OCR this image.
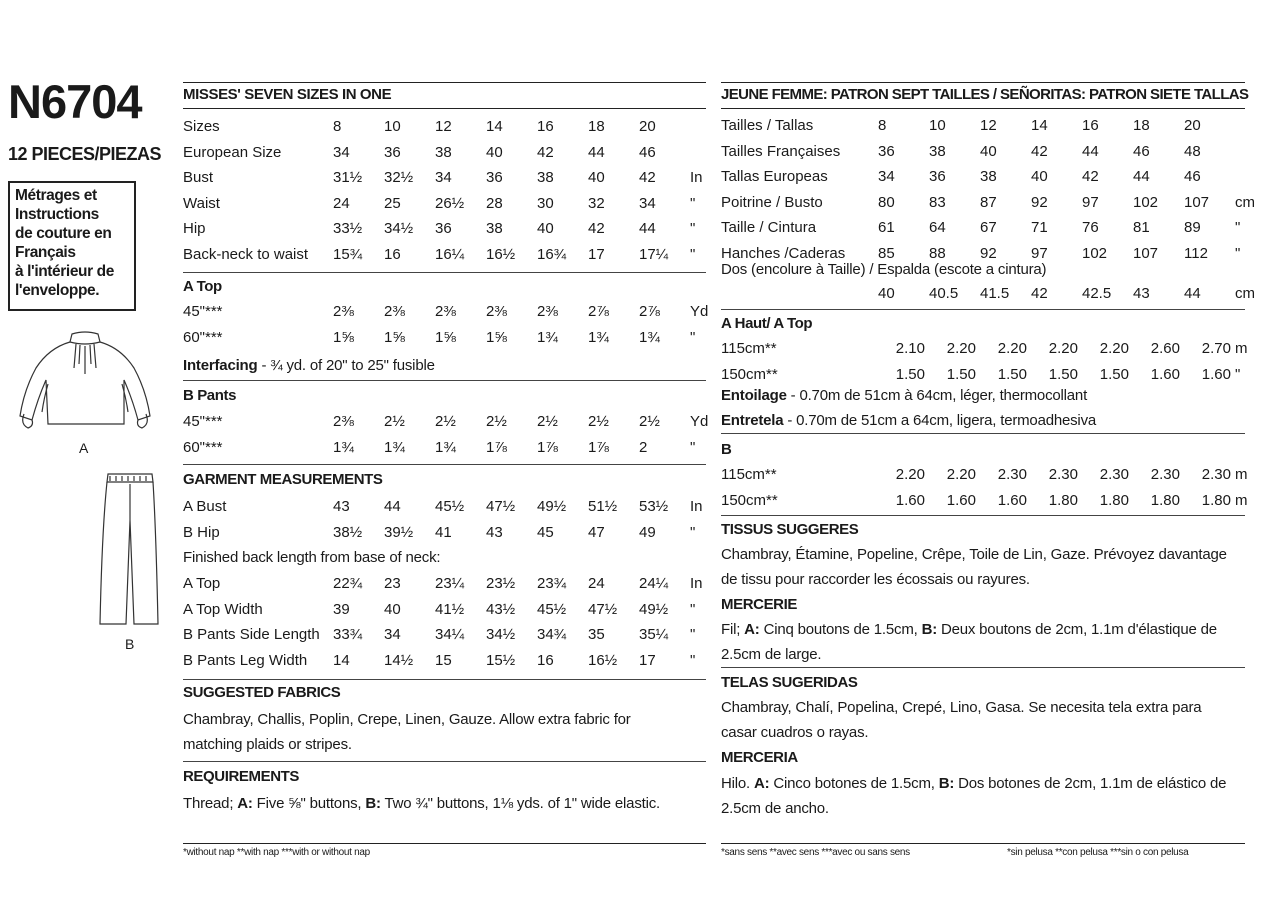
N6704
12 PIECES/PIEZAS
Métrages et
Instructions
de couture en
Français
à l'intérieur de
l'enveloppe.
A
B
MISSES' SEVEN SIZES IN ONE
Sizes	8	10	12	14	16	18	20	
European Size	34	36	38	40	42	44	46	
Bust	31½	32½	34	36	38	40	42	In
Waist	24	25	26½	28	30	32	34	"
Hip	33½	34½	36	38	40	42	44	"
Back-neck to waist	15¾	16	16¼	16½	16¾	17	17¼	"
A Top
45"***	2⅜	2⅜	2⅜	2⅜	2⅜	2⅞	2⅞	Yd
60"***	1⅝	1⅝	1⅝	1⅝	1¾	1¾	1¾	"
Interfacing - ¾ yd. of 20" to 25" fusible
B Pants
45"***	2⅜	2½	2½	2½	2½	2½	2½	Yd
60"***	1¾	1¾	1¾	1⅞	1⅞	1⅞	2	"
GARMENT MEASUREMENTS
A Bust	43	44	45½	47½	49½	51½	53½	In
B Hip	38½	39½	41	43	45	47	49	"
Finished back length from base of neck:
A Top	22¾	23	23¼	23½	23¾	24	24¼	In
A Top Width	39	40	41½	43½	45½	47½	49½	"
B Pants Side Length	33¾	34	34¼	34½	34¾	35	35¼	"
B Pants Leg Width	14	14½	15	15½	16	16½	17	"
SUGGESTED FABRICS
Chambray, Challis, Poplin, Crepe, Linen, Gauze. Allow extra fabric for
matching plaids or stripes.
REQUIREMENTS
Thread; A: Five ⅝" buttons, B: Two ¾" buttons, 1⅛ yds. of 1" wide elastic.
*without nap **with nap ***with or without nap
JEUNE FEMME: PATRON SEPT TAILLES / SEÑORITAS: PATRON SIETE TALLAS
Tailles / Tallas	8	10	12	14	16	18	20	
Tailles Françaises	36	38	40	42	44	46	48	
Tallas Europeas	34	36	38	40	42	44	46	
Poitrine / Busto	80	83	87	92	97	102	107	cm
Taille / Cintura	61	64	67	71	76	81	89	"
Hanches /Caderas	85	88	92	97	102	107	112	"
Dos (encolure à Taille) / Espalda (escote a cintura)
	40	40.5	41.5	42	42.5	43	44	cm
A Haut/ A Top
115cm**	2.10	2.20	2.20	2.20	2.20	2.60	2.70	m
150cm**	1.50	1.50	1.50	1.50	1.50	1.60	1.60	"
Entoilage - 0.70m de 51cm à 64cm, léger, thermocollant
Entretela - 0.70m de 51cm a 64cm, ligera, termoadhesiva
B
115cm**	2.20	2.20	2.30	2.30	2.30	2.30	2.30	m
150cm**	1.60	1.60	1.60	1.80	1.80	1.80	1.80	m
TISSUS SUGGERES
Chambray, Étamine, Popeline, Crêpe, Toile de Lin, Gaze. Prévoyez davantage
de tissu pour raccorder les écossais ou rayures.
MERCERIE
Fil; A: Cinq boutons de 1.5cm, B: Deux boutons de 2cm, 1.1m d'élastique de
2.5cm de large.
TELAS SUGERIDAS
Chambray, Chalí, Popelina, Crepé, Lino, Gasa. Se necesita tela extra para
casar cuadros o rayas.
MERCERIA
Hilo. A: Cinco botones de 1.5cm, B: Dos botones de 2cm, 1.1m de elástico de
2.5cm de ancho.
*sans sens **avec sens ***avec ou sans sens	*sin pelusa **con pelusa ***sin o con pelusa
